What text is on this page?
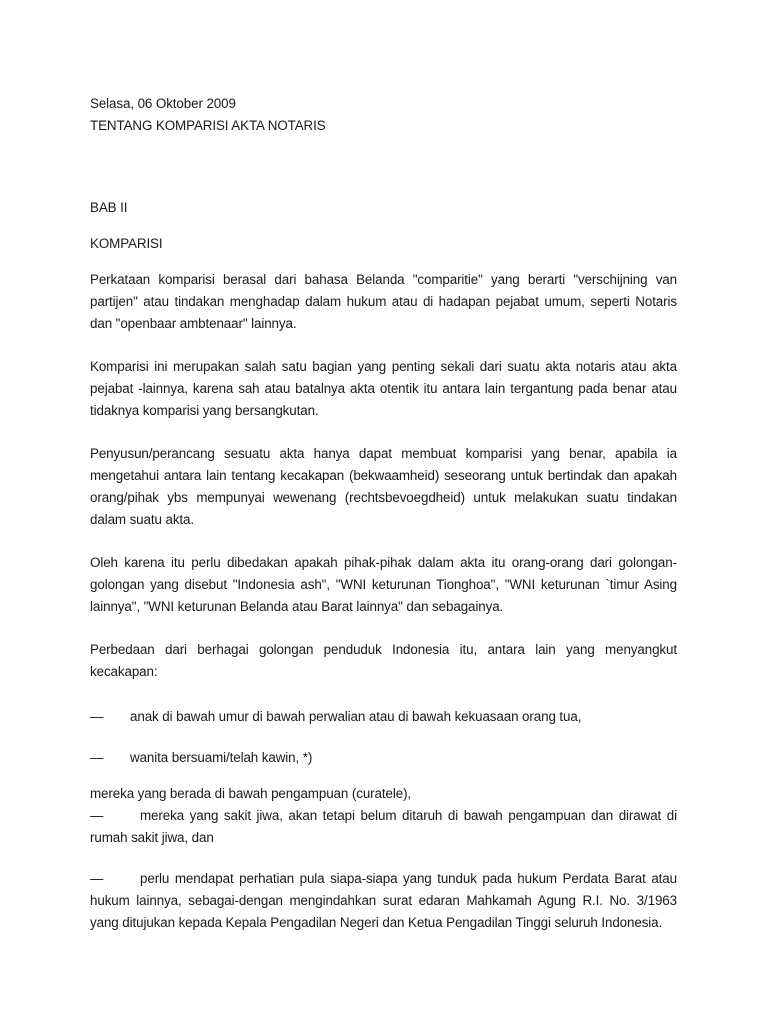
Selasa, 06 Oktober 2009
TENTANG KOMPARISI AKTA NOTARIS
BAB II
KOMPARISI

Perkataan komparisi berasal dari bahasa Belanda "comparitie" yang berarti "verschijning van partijen" atau tindakan menghadap dalam hukum atau di hadapan pejabat umum, seperti Notaris dan "openbaar ambtenaar" lainnya.

Komparisi ini merupakan salah satu bagian yang penting sekali dari suatu akta notaris atau akta pejabat -lainnya, karena sah atau batalnya akta otentik itu antara lain tergantung pada benar atau tidaknya komparisi yang bersangkutan.

Penyusun/perancang sesuatu akta hanya dapat membuat komparisi yang benar, apabila ia mengetahui antara lain tentang kecakapan (bekwaamheid) seseorang untuk bertindak dan apakah orang/pihak ybs mempunyai wewenang (rechtsbevoegdheid) untuk melakukan suatu tindakan dalam suatu akta.

Oleh karena itu perlu dibedakan apakah pihak-pihak dalam akta itu orang-orang dari golongan-golongan yang disebut "Indonesia ash", "WNI keturunan Tionghoa", "WNI keturunan `timur Asing lainnya", "WNI keturunan Belanda atau Barat lainnya" dan sebagainya.

Perbedaan dari berhagai golongan penduduk Indonesia itu, antara lain yang menyangkut kecakapan:

—	anak di bawah umur di bawah perwalian atau di bawah kekuasaan orang tua,
—	wanita bersuami/telah kawin, *)
mereka yang berada di bawah pengampuan (curatele),

—	mereka yang sakit jiwa, akan tetapi belum ditaruh di bawah pengampuan dan dirawat di rumah sakit jiwa, dan

—	perlu mendapat perhatian pula siapa-siapa yang tunduk pada hukum Perdata Barat atau hukum lainnya, sebagai-dengan mengindahkan surat edaran Mahkamah Agung R.I. No. 3/1963 yang ditujukan kepada Kepala Pengadilan Negeri dan Ketua Pengadilan Tinggi seluruh Indonesia.
